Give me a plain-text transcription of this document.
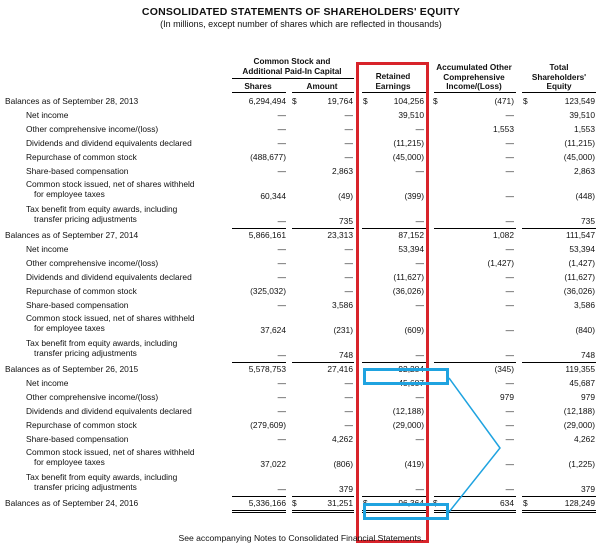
CONSOLIDATED STATEMENTS OF SHAREHOLDERS' EQUITY
(In millions, except number of shares which are reflected in thousands)
Common Stock and
Additional Paid-In Capital
Shares	Amount
Retained
Earnings
Accumulated Other
Comprehensive
Income/(Loss)
Total
Shareholders'
Equity
Balances as of September 28, 2013	6,294,494	19,764	104,256	(471)	123,549
$	$	$	$
Net income	—	—	39,510	—	39,510
Other comprehensive income/(loss)	—	—	—	1,553	1,553
Dividends and dividend equivalents declared	—	—	(11,215)	—	(11,215)
Repurchase of common stock	(488,677)	—	(45,000)	—	(45,000)
Share-based compensation	—	2,863	—	—	2,863
Common stock issued, net of shares withheld
for employee taxes	60,344	(49)	(399)	—	(448)
Tax benefit from equity awards, including
transfer pricing adjustments	—	735	—	—	735
Balances as of September 27, 2014	5,866,161	23,313	87,152	1,082	111,547
Net income	—	—	53,394	—	53,394
Other comprehensive income/(loss)	—	—	—	(1,427)	(1,427)
Dividends and dividend equivalents declared	—	—	(11,627)	—	(11,627)
Repurchase of common stock	(325,032)	—	(36,026)	—	(36,026)
Share-based compensation	—	3,586	—	—	3,586
Common stock issued, net of shares withheld
for employee taxes	37,624	(231)	(609)	—	(840)
Tax benefit from equity awards, including
transfer pricing adjustments	—	748	—	—	748
Balances as of September 26, 2015	5,578,753	27,416	92,284	(345)	119,355
Net income	—	—	45,687	—	45,687
Other comprehensive income/(loss)	—	—	—	979	979
Dividends and dividend equivalents declared	—	—	(12,188)	—	(12,188)
Repurchase of common stock	(279,609)	—	(29,000)	—	(29,000)
Share-based compensation	—	4,262	—	—	4,262
Common stock issued, net of shares withheld
for employee taxes	37,022	(806)	(419)	—	(1,225)
Tax benefit from equity awards, including
transfer pricing adjustments	—	379	—	—	379
Balances as of September 24, 2016	5,336,166	31,251	96,364	634	128,249
$	$	$	$
See accompanying Notes to Consolidated Financial Statements.
